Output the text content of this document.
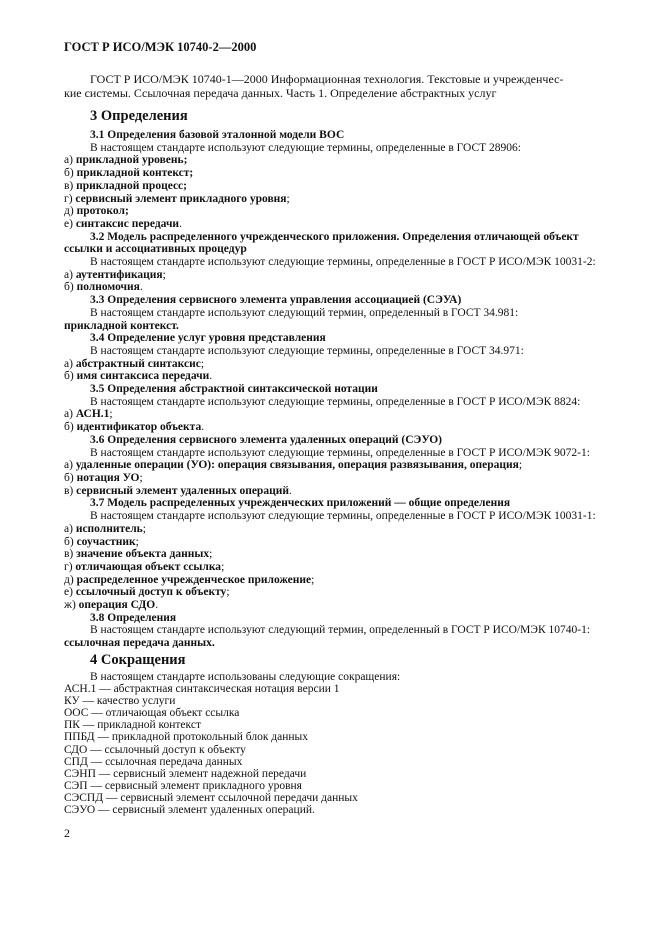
ГОСТ Р ИСО/МЭК 10740-2—2000
ГОСТ Р ИСО/МЭК 10740-1—2000 Информационная технология. Текстовые и учрежденчес-
кие системы. Ссылочная передача данных. Часть 1. Определение абстрактных услуг
3 Определения
3.1 Определения базовой эталонной модели ВОС
В настоящем стандарте используют следующие термины, определенные в ГОСТ 28906:
а) прикладной уровень;
б) прикладной контекст;
в) прикладной процесс;
г) сервисный элемент прикладного уровня;
д) протокол;
е) синтаксис передачи.
3.2 Модель распределенного учрежденческого приложения. Определения отличающей объект
ссылки и ассоциативных процедур
В настоящем стандарте используют следующие термины, определенные в ГОСТ Р ИСО/МЭК 10031-2:
а) аутентификация;
б) полномочия.
3.3 Определения сервисного элемента управления ассоциацией (СЭУА)
В настоящем стандарте используют следующий термин, определенный в ГОСТ 34.981:
прикладной контекст.
3.4 Определение услуг уровня представления
В настоящем стандарте используют следующие термины, определенные в ГОСТ 34.971:
а) абстрактный синтаксис;
б) имя синтаксиса передачи.
3.5 Определения абстрактной синтаксической нотации
В настоящем стандарте используют следующие термины, определенные в ГОСТ Р ИСО/МЭК 8824:
а) АСН.1;
б) идентификатор объекта.
3.6 Определения сервисного элемента удаленных операций (СЭУО)
В настоящем стандарте используют следующие термины, определенные в ГОСТ Р ИСО/МЭК 9072-1:
а) удаленные операции (УО): операция связывания, операция развязывания, операция;
б) нотация УО;
в) сервисный элемент удаленных операций.
3.7 Модель распределенных учрежденческих приложений — общие определения
В настоящем стандарте используют следующие термины, определенные в ГОСТ Р ИСО/МЭК 10031-1:
а) исполнитель;
б) соучастник;
в) значение объекта данных;
г) отличающая объект ссылка;
д) распределенное учрежденческое приложение;
е) ссылочный доступ к объекту;
ж) операция СДО.
3.8 Определения
В настоящем стандарте используют следующий термин, определенный в ГОСТ Р ИСО/МЭК 10740-1:
ссылочная передача данных.
4 Сокращения
В настоящем стандарте использованы следующие сокращения:
АСН.1 — абстрактная синтаксическая нотация версии 1
КУ — качество услуги
ООС — отличающая объект ссылка
ПК — прикладной контекст
ППБД — прикладной протокольный блок данных
СДО — ссылочный доступ к объекту
СПД — ссылочная передача данных
СЭНП — сервисный элемент надежной передачи
СЭП — сервисный элемент прикладного уровня
СЭСПД — сервисный элемент ссылочной передачи данных
СЭУО — сервисный элемент удаленных операций.
2
